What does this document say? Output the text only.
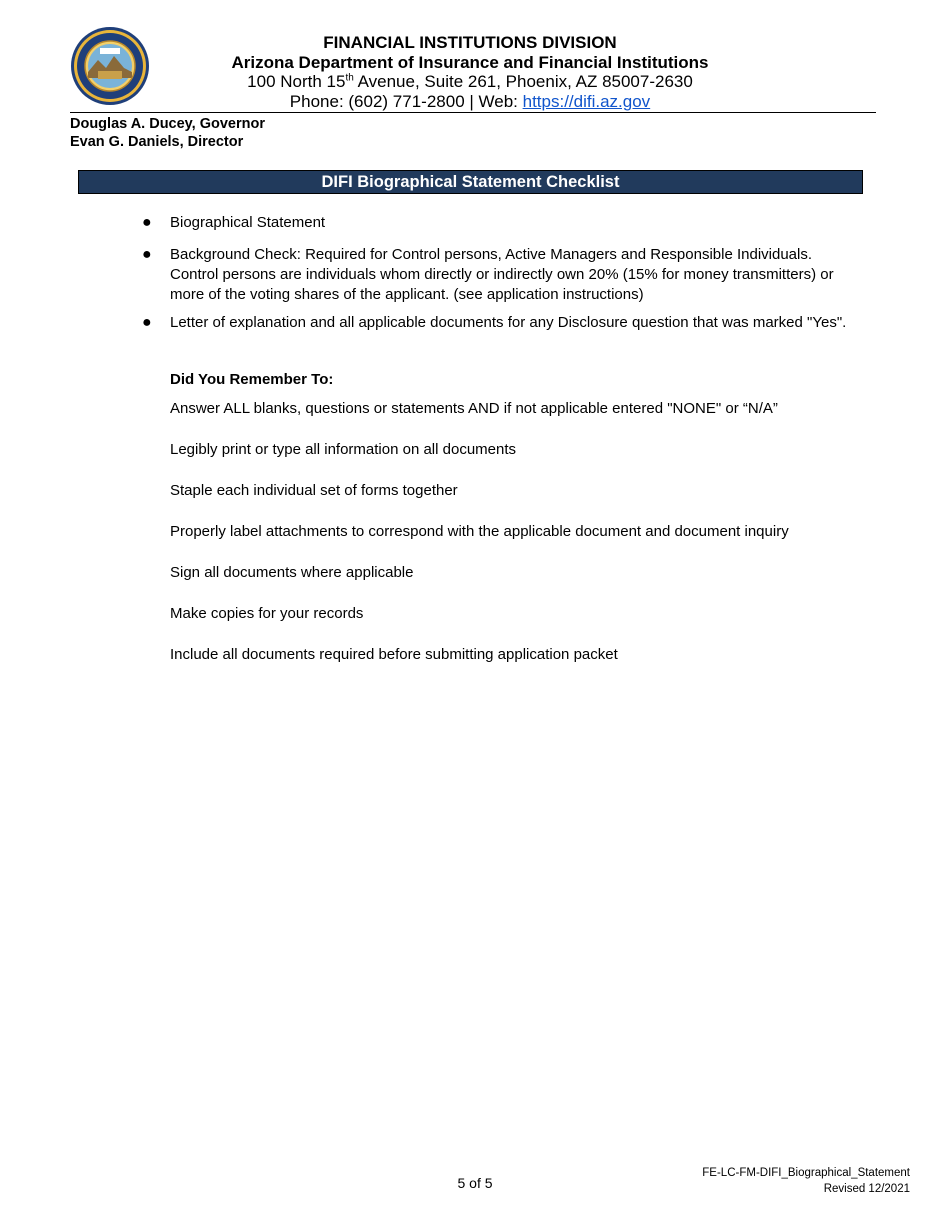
FINANCIAL INSTITUTIONS DIVISION
Arizona Department of Insurance and Financial Institutions
100 North 15th Avenue, Suite 261, Phoenix, AZ 85007-2630
Phone: (602) 771-2800 | Web: https://difi.az.gov
Douglas A. Ducey, Governor
Evan G. Daniels, Director
DIFI Biographical Statement Checklist
● Biographical Statement
● Background Check: Required for Control persons, Active Managers and Responsible Individuals. Control persons are individuals whom directly or indirectly own 20% (15% for money transmitters) or more of the voting shares of the applicant. (see application instructions)
● Letter of explanation and all applicable documents for any Disclosure question that was marked "Yes".
Did You Remember To:
Answer ALL blanks, questions or statements AND if not applicable entered "NONE" or “N/A”
Legibly print or type all information on all documents
Staple each individual set of forms together
Properly label attachments to correspond with the applicable document and document inquiry
Sign all documents where applicable
Make copies for your records
Include all documents required before submitting application packet
5 of 5
FE-LC-FM-DIFI_Biographical_Statement
Revised 12/2021
